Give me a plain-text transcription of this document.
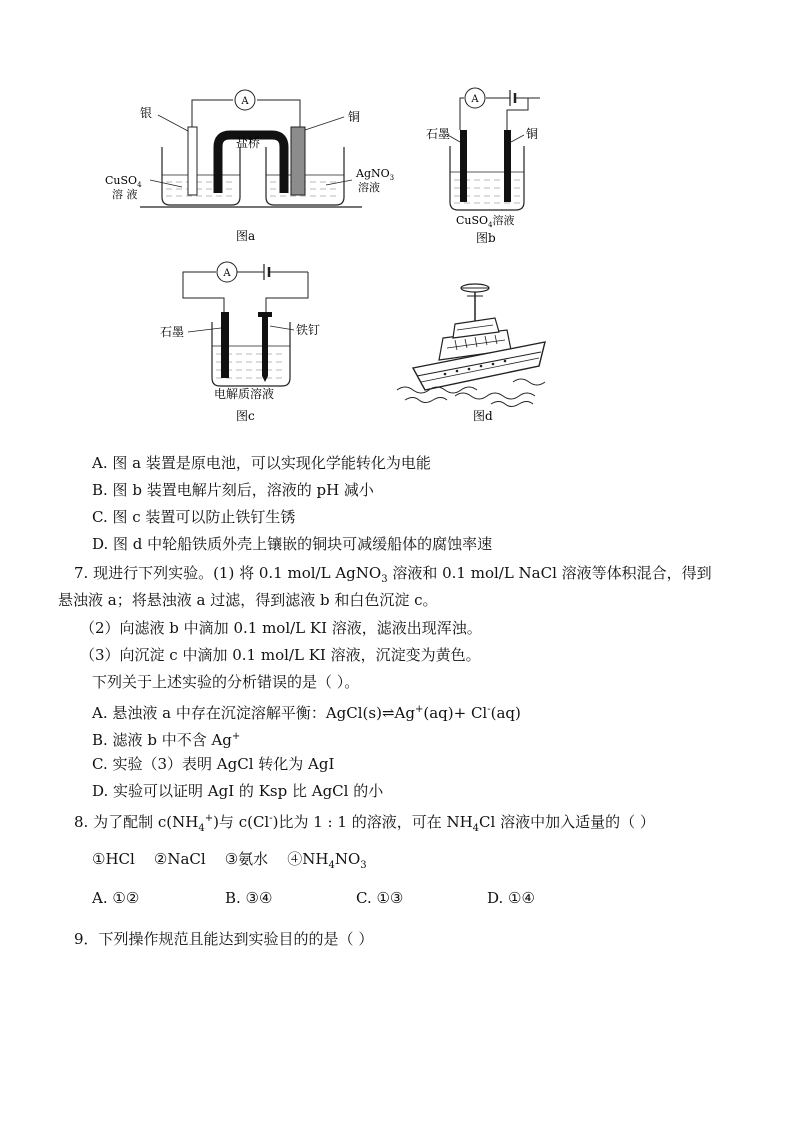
A
银	铜
盐桥
CuSO$_4$
溶 液
AgNO$_3$
溶液
图a
A
石墨	铜
CuSO$_4$溶液
图b
A
石墨	铁钉
电解质溶液
图c	图d
A. 图 a 装置是原电池，可以实现化学能转化为电能
B. 图 b 装置电解片刻后，溶液的 pH 减小
C. 图 c 装置可以防止铁钉生锈
D. 图 d 中轮船铁质外壳上镶嵌的铜块可减缓船体的腐蚀率速
7. 现进行下列实验。(1) 将 0.1 mol/L AgNO$_3$ 溶液和 0.1 mol/L NaCl 溶液等体积混合，得到
悬浊液 a；将悬浊液 a 过滤，得到滤液 b 和白色沉淀 c。
（2）向滤液 b 中滴加 0.1 mol/L KI 溶液，滤液出现浑浊。
（3）向沉淀 c 中滴加 0.1 mol/L KI 溶液，沉淀变为黄色。
下列关于上述实验的分析错误的是（ ）。
A. 悬浊液 a 中存在沉淀溶解平衡：AgCl(s)⇌Ag+(aq)+ Cl-(aq)
B. 滤液 b 中不含 Ag+
C. 实验（3）表明 AgCl 转化为 AgI
D. 实验可以证明 AgI 的 Ksp 比 AgCl 的小
8. 为了配制 $c(NH_4^+)$与 c(Cl-)比为 1 : 1 的溶液，可在 $NH_4Cl$ 溶液中加入适量的（ ）
①HCl    ②NaCl    ③氨水    $④NH_4NO_3$
A. ①②	B. ③④	C. ①③	D. ①④
9．下列操作规范且能达到实验目的的是（ ）
